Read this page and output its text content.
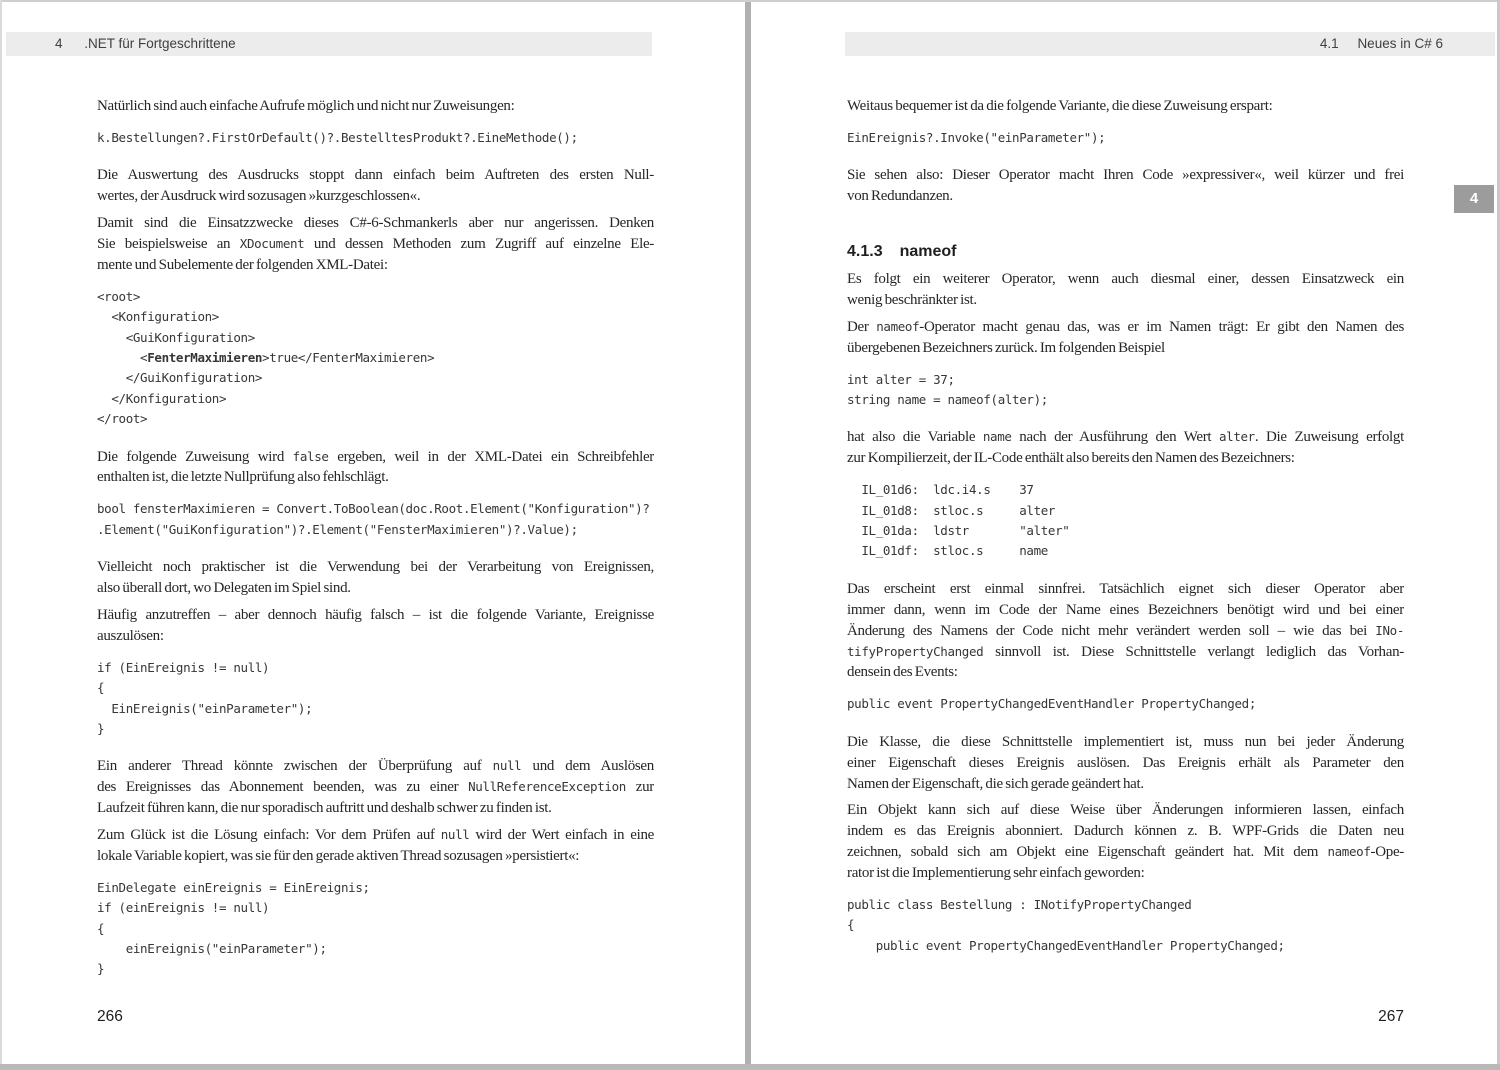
4 .NET für Fortgeschrittene
Natürlich sind auch einfache Aufrufe möglich und nicht nur Zuweisungen:
k.Bestellungen?.FirstOrDefault()?.BestelltesProdukt?.EineMethode();
Die Auswertung des Ausdrucks stoppt dann einfach beim Auftreten des ersten Null-
wertes, der Ausdruck wird sozusagen »kurzgeschlossen«.
Damit sind die Einsatzzwecke dieses C#-6-Schmankerls aber nur angerissen. Denken
Sie beispielsweise an XDocument und dessen Methoden zum Zugriff auf einzelne Ele-
mente und Subelemente der folgenden XML-Datei:
<root>
<Konfiguration>
<GuiKonfiguration>
<FenterMaximieren>true</FenterMaximieren>
</GuiKonfiguration>
</Konfiguration>
</root>
Die folgende Zuweisung wird false ergeben, weil in der XML-Datei ein Schreibfehler
enthalten ist, die letzte Nullprüfung also fehlschlägt.
bool fensterMaximieren = Convert.ToBoolean(doc.Root.Element("Konfiguration")?
.Element("GuiKonfiguration")?.Element("FensterMaximieren")?.Value);
Vielleicht noch praktischer ist die Verwendung bei der Verarbeitung von Ereignissen,
also überall dort, wo Delegaten im Spiel sind.
Häufig anzutreffen – aber dennoch häufig falsch – ist die folgende Variante, Ereignisse
auszulösen:
if (EinEreignis != null)
{
EinEreignis("einParameter");
}
Ein anderer Thread könnte zwischen der Überprüfung auf null und dem Auslösen
des Ereignisses das Abonnement beenden, was zu einer NullReferenceException zur
Laufzeit führen kann, die nur sporadisch auftritt und deshalb schwer zu finden ist.
Zum Glück ist die Lösung einfach: Vor dem Prüfen auf null wird der Wert einfach in eine
lokale Variable kopiert, was sie für den gerade aktiven Thread sozusagen »persistiert«:
EinDelegate einEreignis = EinEreignis;
if (einEreignis != null)
{
einEreignis("einParameter");
}
266
4.1 Neues in C# 6
4
Weitaus bequemer ist da die folgende Variante, die diese Zuweisung erspart:
EinEreignis?.Invoke("einParameter");
Sie sehen also: Dieser Operator macht Ihren Code »expressiver«, weil kürzer und frei
von Redundanzen.
4.1.3 nameof
Es folgt ein weiterer Operator, wenn auch diesmal einer, dessen Einsatzweck ein
wenig beschränkter ist.
Der nameof-Operator macht genau das, was er im Namen trägt: Er gibt den Namen des
übergebenen Bezeichners zurück. Im folgenden Beispiel
int alter = 37;
string name = nameof(alter);
hat also die Variable name nach der Ausführung den Wert alter. Die Zuweisung erfolgt
zur Kompilierzeit, der IL-Code enthält also bereits den Namen des Bezeichners:
IL_01d6:  ldc.i4.s    37
IL_01d8:  stloc.s     alter
IL_01da:  ldstr       "alter"
IL_01df:  stloc.s     name
Das erscheint erst einmal sinnfrei. Tatsächlich eignet sich dieser Operator aber
immer dann, wenn im Code der Name eines Bezeichners benötigt wird und bei einer
Änderung des Namens der Code nicht mehr verändert werden soll – wie das bei INo-
tifyPropertyChanged sinnvoll ist. Diese Schnittstelle verlangt lediglich das Vorhan-
densein des Events:
public event PropertyChangedEventHandler PropertyChanged;
Die Klasse, die diese Schnittstelle implementiert ist, muss nun bei jeder Änderung
einer Eigenschaft dieses Ereignis auslösen. Das Ereignis erhält als Parameter den
Namen der Eigenschaft, die sich gerade geändert hat.
Ein Objekt kann sich auf diese Weise über Änderungen informieren lassen, einfach
indem es das Ereignis abonniert. Dadurch können z. B. WPF-Grids die Daten neu
zeichnen, sobald sich am Objekt eine Eigenschaft geändert hat. Mit dem nameof-Ope-
rator ist die Implementierung sehr einfach geworden:
public class Bestellung : INotifyPropertyChanged
{
public event PropertyChangedEventHandler PropertyChanged;
267
